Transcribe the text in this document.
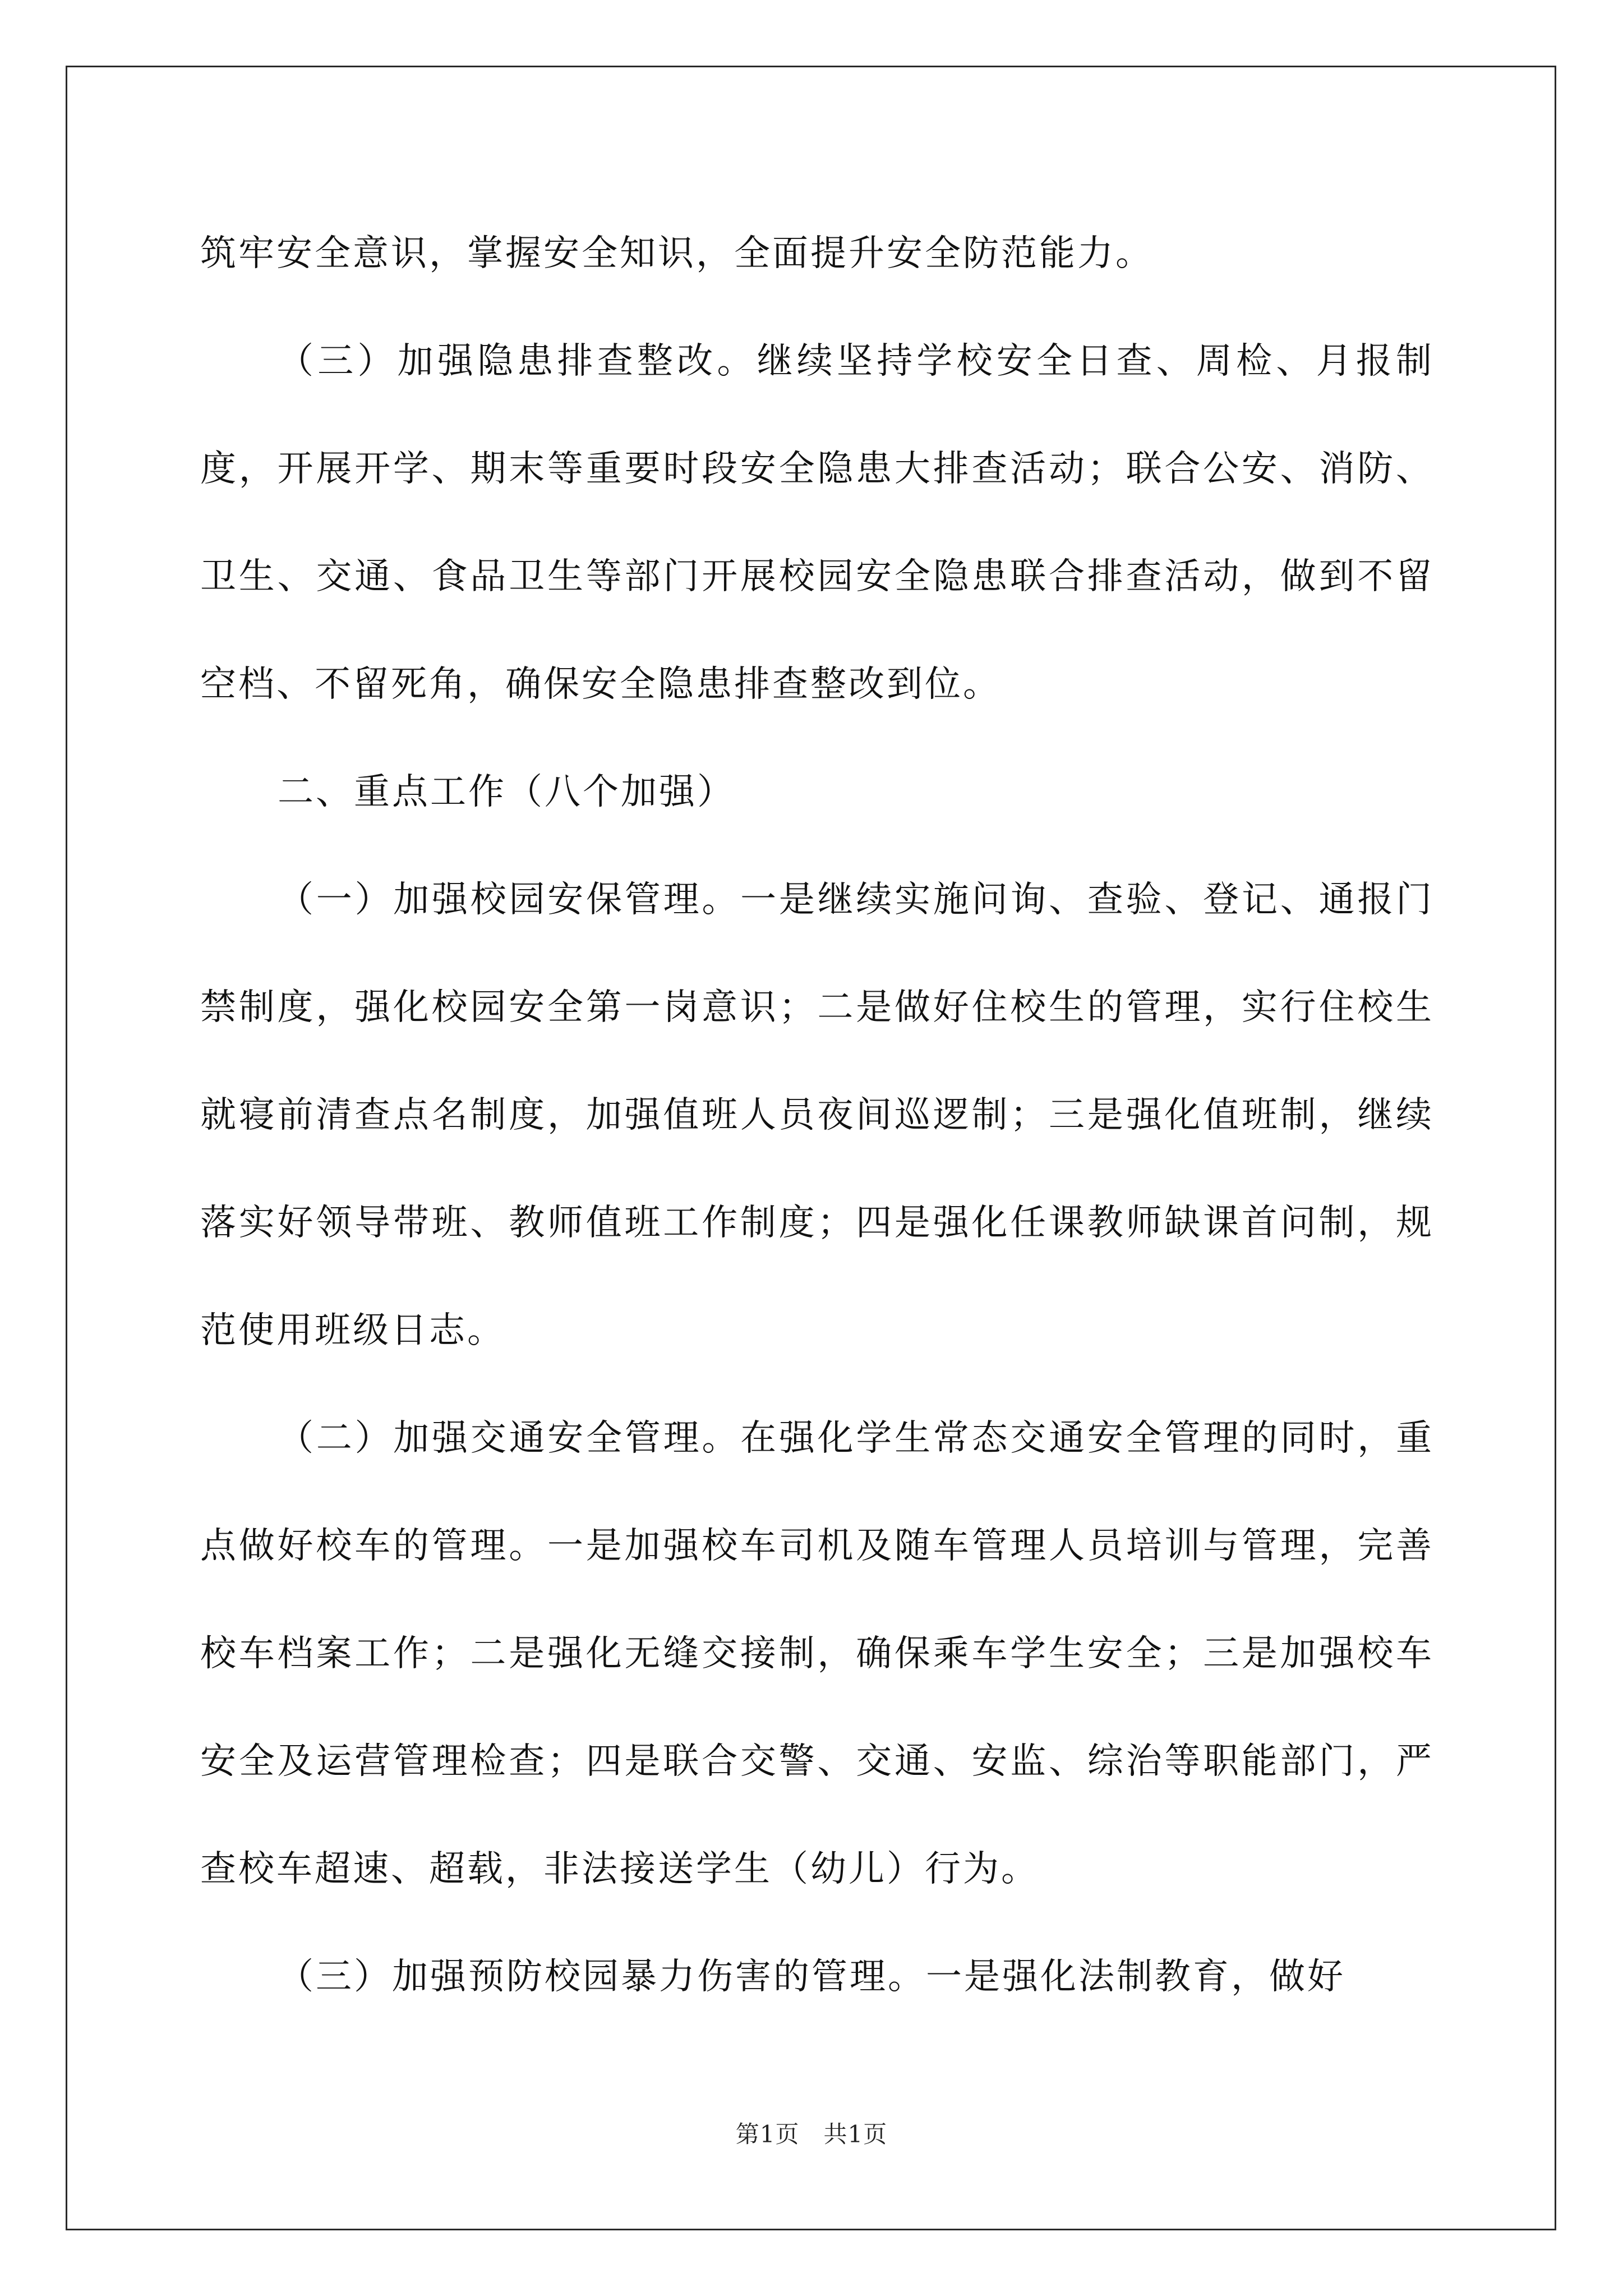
筑牢安全意识，掌握安全知识，全面提升安全防范能力。

（三）加强隐患排查整改。继续坚持学校安全日查、周检、月报制度，开展开学、期末等重要时段安全隐患大排查活动；联合公安、消防、卫生、交通、食品卫生等部门开展校园安全隐患联合排查活动，做到不留空档、不留死角，确保安全隐患排查整改到位。

二、重点工作（八个加强）

（一）加强校园安保管理。一是继续实施问询、查验、登记、通报门禁制度，强化校园安全第一岗意识；二是做好住校生的管理，实行住校生就寝前清查点名制度，加强值班人员夜间巡逻制；三是强化值班制，继续落实好领导带班、教师值班工作制度；四是强化任课教师缺课首问制，规范使用班级日志。

（二）加强交通安全管理。在强化学生常态交通安全管理的同时，重点做好校车的管理。一是加强校车司机及随车管理人员培训与管理，完善校车档案工作；二是强化无缝交接制，确保乘车学生安全；三是加强校车安全及运营管理检查；四是联合交警、交通、安监、综治等职能部门，严查校车超速、超载，非法接送学生（幼儿）行为。

（三）加强预防校园暴力伤害的管理。一是强化法制教育，做好

第1页　共1页
